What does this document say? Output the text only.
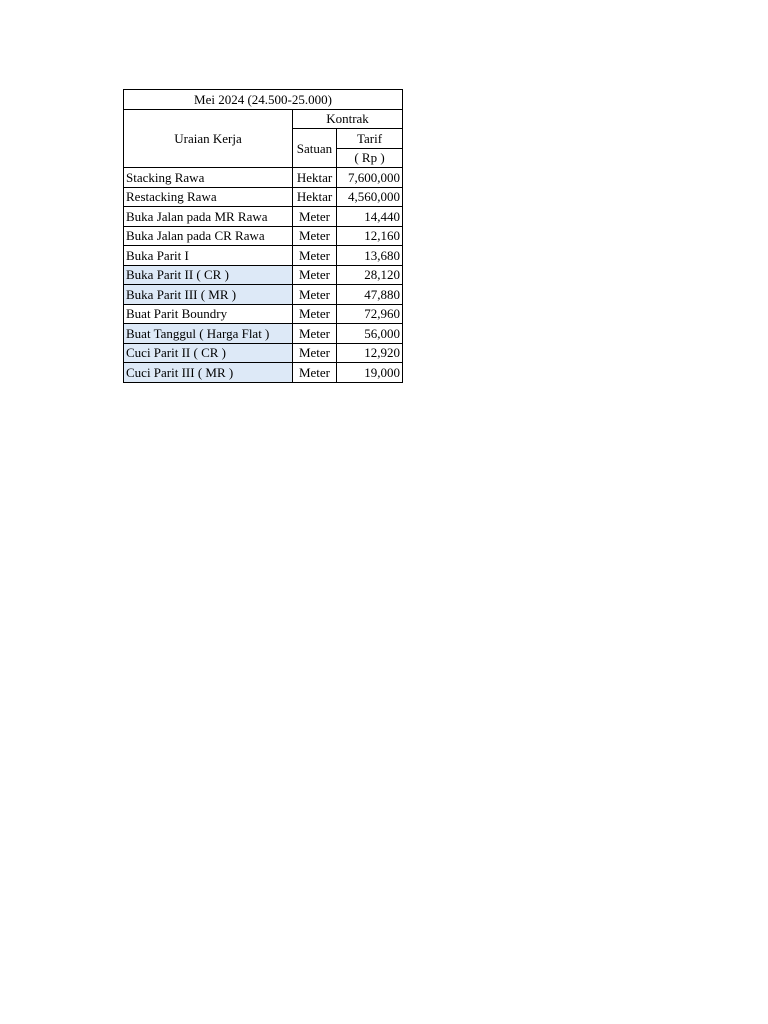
Mei 2024 (24.500-25.000)		
Uraian Kerja	Kontrak	
	Satuan	Tarif
		( Rp )
Stacking Rawa	Hektar	7,600,000
Restacking Rawa	Hektar	4,560,000
Buka Jalan pada MR Rawa	Meter	14,440
Buka Jalan pada CR Rawa	Meter	12,160
Buka Parit I	Meter	13,680
Buka Parit II ( CR )	Meter	28,120
Buka Parit III ( MR )	Meter	47,880
Buat Parit Boundry	Meter	72,960
Buat Tanggul ( Harga Flat )	Meter	56,000
Cuci Parit II ( CR )	Meter	12,920
Cuci Parit III ( MR )	Meter	19,000
